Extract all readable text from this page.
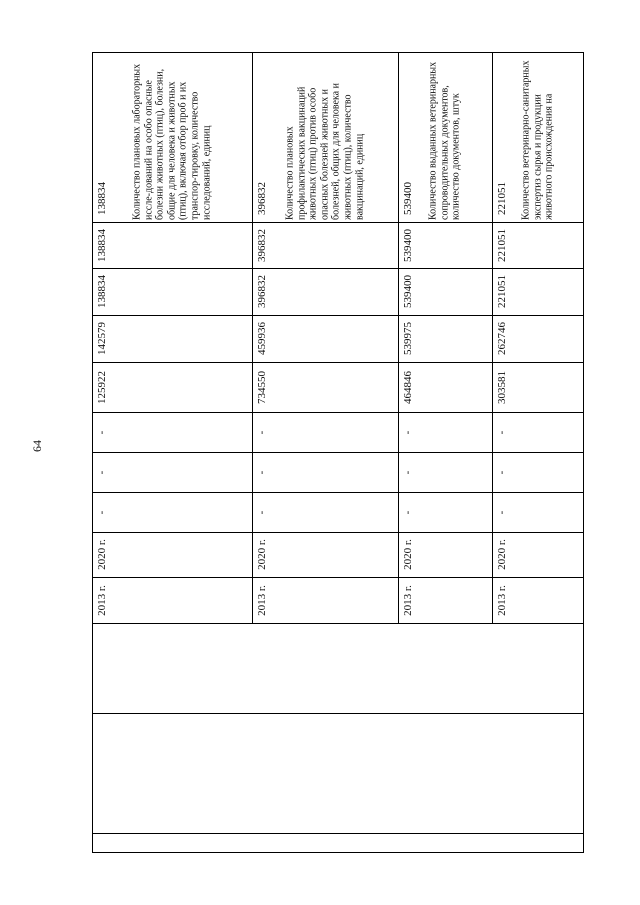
64
Количество плановых лабораторных иссле-дований на особо опасные болезни животных (птиц), болезни, общие для человека и животных (птиц), включая отбор проб и их транспор-тировку, количество исследований, единиц
138834
138834
138834
142579
125922
-
-
-
2020 г.
2013 г.
Количество плановых профилактических вакцинаций животных (птиц) против особо опасных болезней животных и болезней, общих для человека и животных (птиц), количество вакцинаций, единиц
396832
396832
396832
459936
734550
-
-
-
2020 г.
2013 г.
Количество выданных ветеринарных сопроводительных документов, количество документов, штук
539400
539400
539400
539975
464846
-
-
-
2020 г.
2013 г.
Количество ветеринарно-санитарных экспертиз сырья и продукции животного происхождения на
221051
221051
221051
262746
303581
-
-
-
2020 г.
2013 г.
